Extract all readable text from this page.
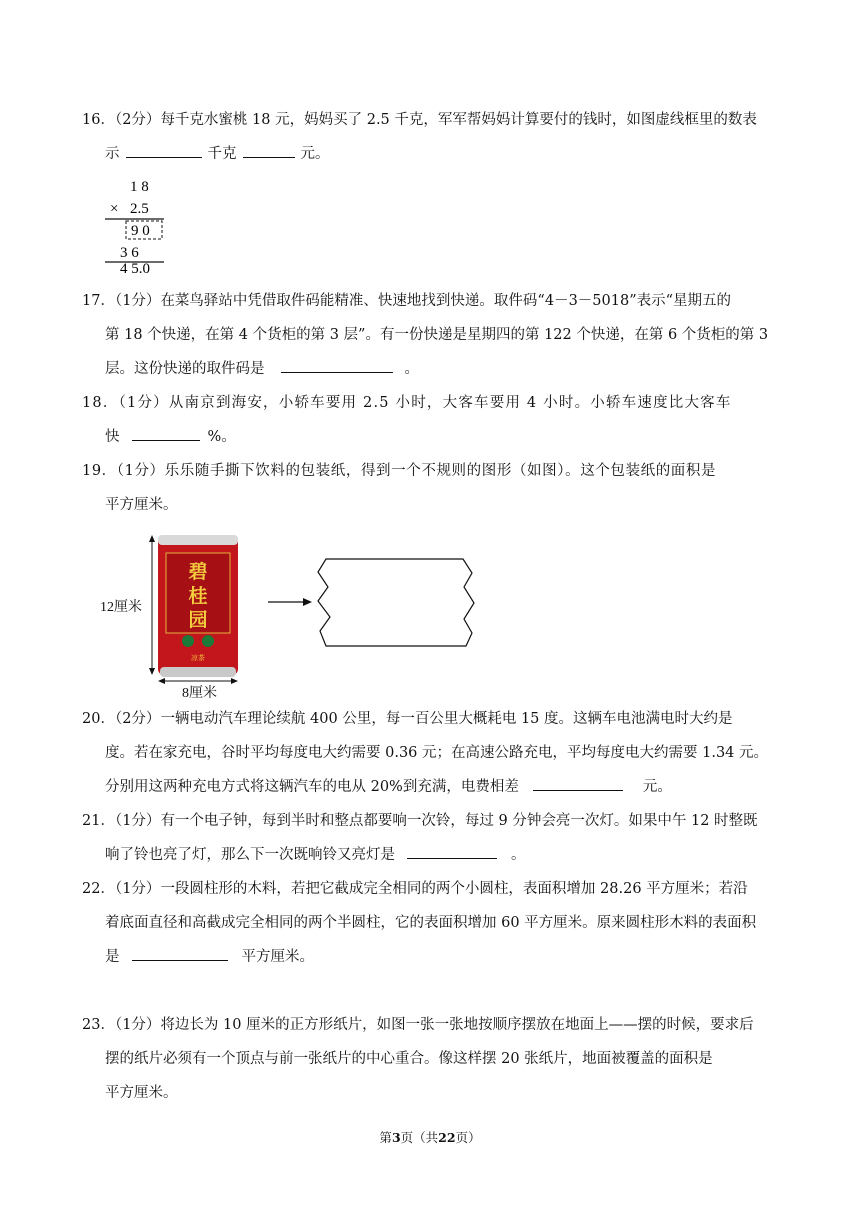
16．（2分）每千克水蜜桃 18 元，妈妈买了 2.5 千克，军军帮妈妈计算要付的钱时，如图虚线框里的数表
示	千克	元。
1 8
× 2.5
9 0
3 6
4 5.0
17．（1分）在菜鸟驿站中凭借取件码能精准、快速地找到快递。取件码“4－3－5018”表示“星期五的
第 18 个快递，在第 4 个货柜的第 3 层”。有一份快递是星期四的第 122 个快递，在第 6 个货柜的第 3
层。这份快递的取件码是	。
18．（1分）从南京到海安，小轿车要用 2.5 小时，大客车要用 4 小时。小轿车速度比大客车
快	%。
19．（1分）乐乐随手撕下饮料的包装纸，得到一个不规则的图形（如图）。这个包装纸的面积是
平方厘米。
碧
桂
园
凉茶
12厘米
8厘米
20．（2分）一辆电动汽车理论续航 400 公里，每一百公里大概耗电 15 度。这辆车电池满电时大约是
度。若在家充电，谷时平均每度电大约需要 0.36 元；在高速公路充电，平均每度电大约需要 1.34 元。
分别用这两种充电方式将这辆汽车的电从 20%到充满，电费相差	元。
21．（1分）有一个电子钟，每到半时和整点都要响一次铃，每过 9 分钟会亮一次灯。如果中午 12 时整既
响了铃也亮了灯，那么下一次既响铃又亮灯是	。
22．（1分）一段圆柱形的木料，若把它截成完全相同的两个小圆柱，表面积增加 28.26 平方厘米；若沿
着底面直径和高截成完全相同的两个半圆柱，它的表面积增加 60 平方厘米。原来圆柱形木料的表面积
是	平方厘米。
23．（1分）将边长为 10 厘米的正方形纸片，如图一张一张地按顺序摆放在地面上——摆的时候，要求后
摆的纸片必须有一个顶点与前一张纸片的中心重合。像这样摆 20 张纸片，地面被覆盖的面积是
平方厘米。
第3页（共22页）
